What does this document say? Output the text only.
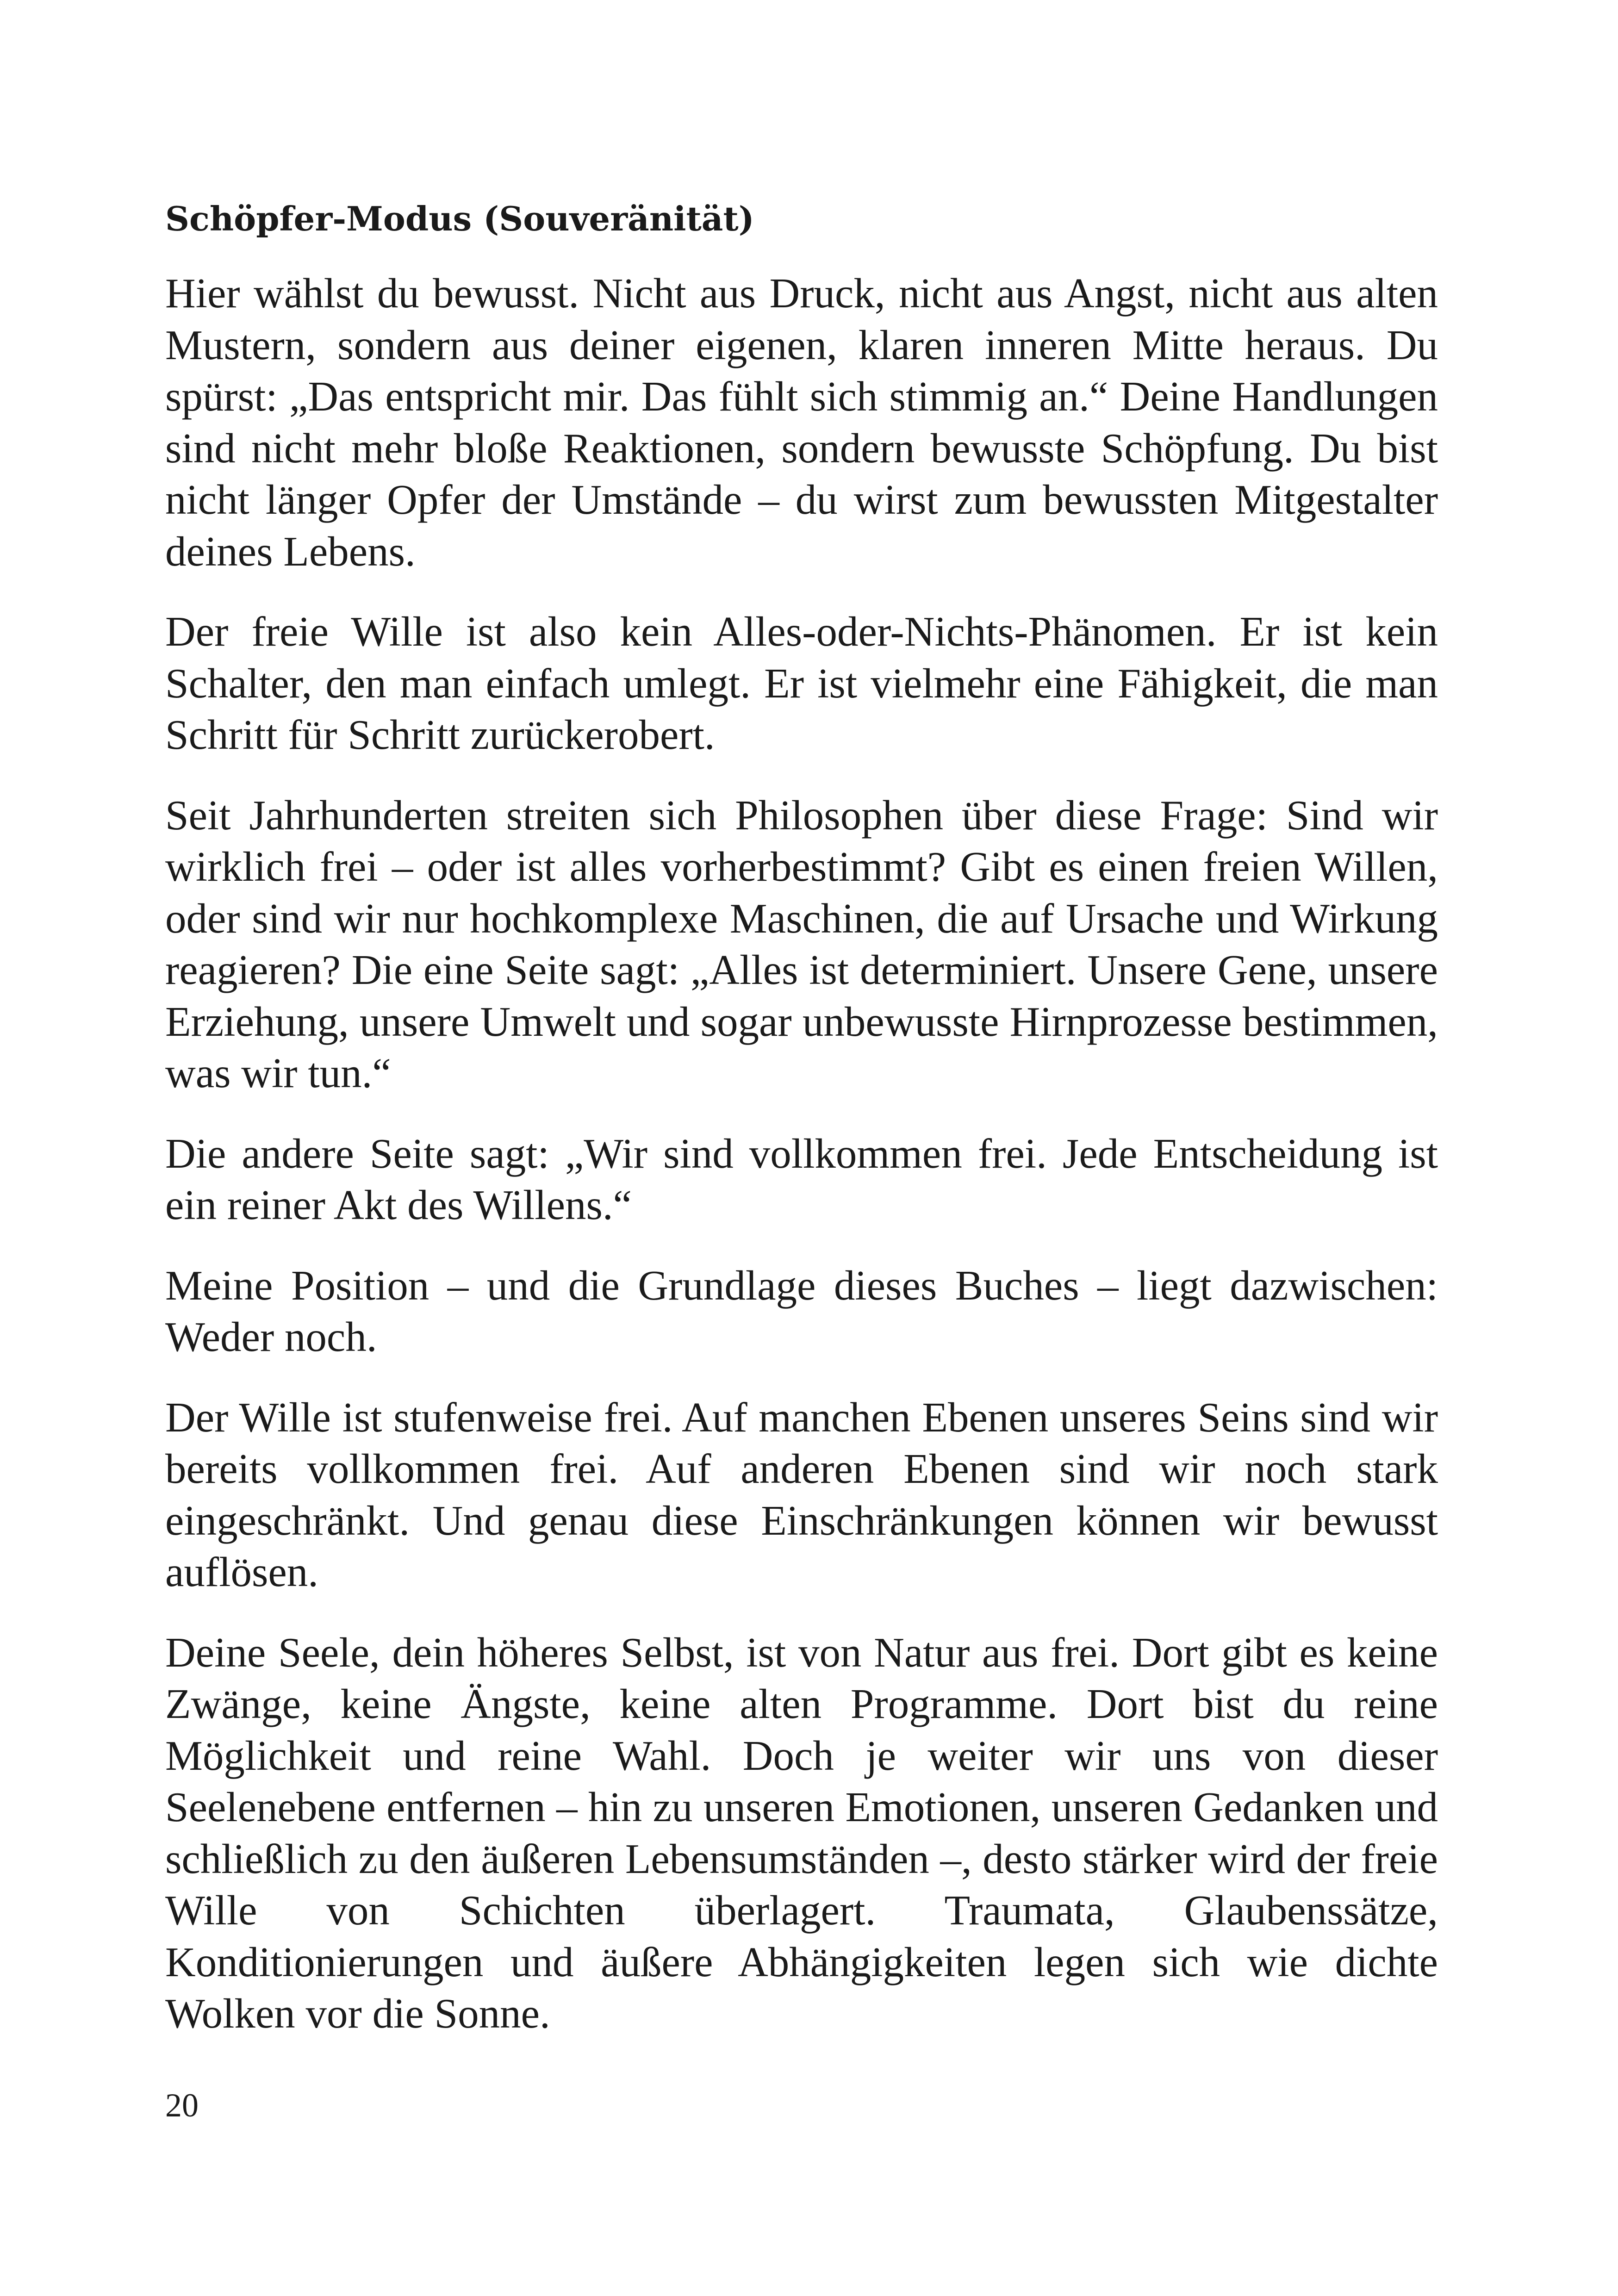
Schöpfer-Modus (Souveränität)

Hier wählst du bewusst. Nicht aus Druck, nicht aus Angst, nicht aus alten Mustern, sondern aus deiner eigenen, klaren inneren Mitte heraus. Du spürst: „Das entspricht mir. Das fühlt sich stimmig an.“ Deine Handlungen sind nicht mehr bloße Reaktionen, sondern bewusste Schöpfung. Du bist nicht länger Opfer der Umstände – du wirst zum bewussten Mitgestalter deines Lebens.

Der freie Wille ist also kein Alles-oder-Nichts-Phänomen. Er ist kein Schalter, den man einfach umlegt. Er ist vielmehr eine Fähigkeit, die man Schritt für Schritt zurückerobert.

Seit Jahrhunderten streiten sich Philosophen über diese Frage: Sind wir wirklich frei – oder ist alles vorherbestimmt? Gibt es einen freien Willen, oder sind wir nur hochkomplexe Maschinen, die auf Ursache und Wirkung reagieren? Die eine Seite sagt: „Alles ist determiniert. Unsere Gene, unsere Erziehung, unsere Umwelt und sogar unbewusste Hirnprozesse bestimmen, was wir tun.“

Die andere Seite sagt: „Wir sind vollkommen frei. Jede Entscheidung ist ein reiner Akt des Willens.“

Meine Position – und die Grundlage dieses Buches – liegt dazwischen: Weder noch.

Der Wille ist stufenweise frei. Auf manchen Ebenen unseres Seins sind wir bereits vollkommen frei. Auf anderen Ebenen sind wir noch stark eingeschränkt. Und genau diese Einschränkungen können wir bewusst auflösen.

Deine Seele, dein höheres Selbst, ist von Natur aus frei. Dort gibt es keine Zwänge, keine Ängste, keine alten Programme. Dort bist du reine Möglichkeit und reine Wahl. Doch je weiter wir uns von dieser Seelenebene entfernen – hin zu unseren Emotionen, unseren Gedanken und schließlich zu den äußeren Lebensumständen –, desto stärker wird der freie Wille von Schichten überlagert. Traumata, Glaubenssätze, Konditionierungen und äußere Abhängigkeiten legen sich wie dichte Wolken vor die Sonne.

20
